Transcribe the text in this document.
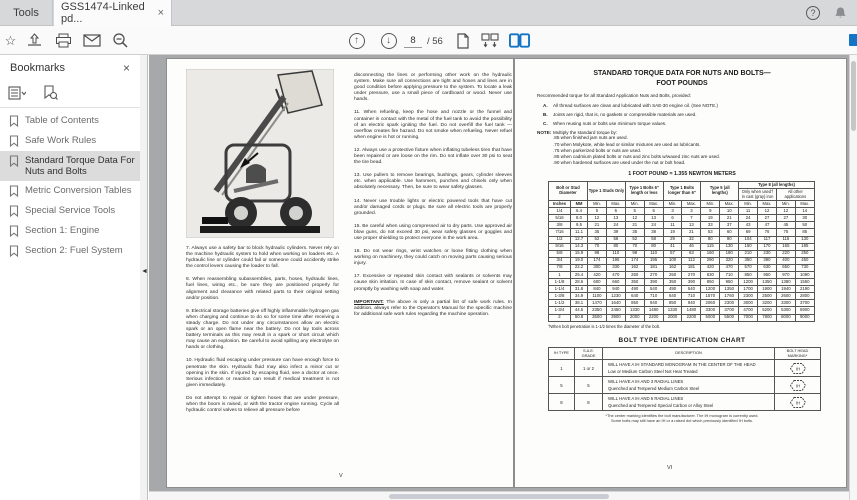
Tools GSS1474-Linked pd...	×	?
☆	↑	↓
8	/ 56
Bookmarks	×
Table of Contents
Safe Work Rules
Standard Torque Data For Nuts and Bolts
Metric Conversion Tables
Special Service Tools
Section 1: Engine
Section 2: Fuel System
◄

7. Always use a safety bar to block hydraulic cylinders. Never rely on the machine hydraulic system to hold when working on loaders etc. A hydraulic line or cylinder could fail or someone could accidently strike the control levers causing the loader to fall.

8. When reassembling subassemblies, parts, hoses, hydraulic lines, fuel lines, wiring etc., be sure they are positioned properly for alignment and clearance with related parts to their original setting and/or position.

9. Electrical storage batteries give off highly inflammable hydrogen gas when charging and continue to do so for some time after receiving a steady charge. Do not under any circumstances allow an electric spark or an open flame near the battery. Do not lay tools across battery terminals as this may result in a spark or short circuit which may cause an explosion. Be careful to avoid spilling any electrolyte on hands or clothing.

10. Hydraulic fluid escaping under pressure can have enough force to penetrate the skin. Hydraulic fluid may also infect a minor cut or opening in the skin. If injured by escaping fluid, see a doctor at once. Serious infection or reaction can result if medical treatment is not given immediately.

Do not attempt to repair or tighten hoses that are under pressure, when the boom is raised, or with the tractor engine running. Cycle all hydraulic control valves to relieve all pressure before

disconnecting the lines or performing other work on the hydraulic system. Make sure all connections are tight and hoses and lines are in good condition before applying pressure to the system. To locate a leak under pressure, use a small piece of cardboard or wood. Never use hands.

11. When refueling, keep the hose and nozzle or the funnel and container in contact with the metal of the fuel tank to avoid the possibility of an electric spark igniting the fuel. Do not overfill the fuel tank — overflow creates fire hazard. Do not smoke when refueling. Never refuel when engine is hot or running.

12. Always use a protective fixture when inflating tubeless tires that have been repaired or are loose on the rim. Do not inflate over 30 psi to seat the tire bead.

13. Use pullers to remove bearings, bushings, gears, cylinder sleeves etc. when applicable. Use hammers, punches and chisels only when absolutely necessary. Then, be sure to wear safety glasses.

14. Never use trouble lights or electric powered tools that have cut and/or damaged cords or plugs. Be sure all electric tools are properly grounded.

15. Be careful when using compressed air to dry parts. Use approved air blow guns, do not exceed 30 psi, wear safety glasses or goggles and use proper shielding to protect everyone in the work area.

16. Do not wear rings, wrist watches or loose fitting clothing when working on machinery, they could catch on moving parts causing serious injury.

17. Excessive or repeated skin contact with sealants or solvents may cause skin irritation. In case of skin contact, remove sealant or solvent promptly by washing with soap and water.

IMPORTANT: The above is only a partial list of safe work rules. In addition, always refer to the Operator's Manual for the specific machine for additional safe work rules regarding the machine operation.

V
STANDARD TORQUE DATA FOR NUTS AND BOLTS—
FOOT POUNDS

Recommended torque for all Standard Application Nuts and Bolts, provided:

A.	All thread surfaces are clean and lubricated with SAE-30 engine oil. (See NOTE.)
B.	Joints are rigid, that is, no gaskets or compressible materials are used.
C.	When reusing nuts or bolts use minimum torque values.
NOTE: Multiply the standard torque by:
.85 when finished jam nuts are used.
.70 when Molykote, white lead or similar mixtures are used as lubricants.
.75 when parkerized bolts or nuts are used.
.85 when cadmium plated bolts or nuts and zinc bolts w/waxed zinc nuts are used.
.90 when hardened surfaces are used under the nut or bolt head.
1 FOOT POUND = 1.355 NEWTON METERS
Bolt or Stud Diameter		Type 1 Studs Only		Type 1 Bolts 6" length or less		Type 1 Bolts longer than 6"		Type 5 (all lengths)		Type 8 (all lengths)			
										Only when used† in cast (gray) iron		All other applications	
Inches	MM	Min.	Max.	Min.	Max.	Min.	Max.	Min.	Max.	Min.	Max.	Min.	Max.
1/4	6.4	5	6	5	6	3	3	9	10	11	12	12	14
5/16	8.0	12	13	12	13	6	7	19	21	24	27	27	30
3/8	9.5	21	24	21	24	11	13	33	37	43	47	45	50
7/16	11.1	35	39	35	38	19	21	53	60	69	76	75	85
1/2	12.7	52	58	52	58	29	32	80	90	104	117	115	130
9/16	14.3	70	80	70	80	41	46	115	130	150	170	165	185
5/8	15.9	98	110	98	110	57	63	160	180	210	230	220	250
3/4	19.0	174	195	174	195	100	112	290	320	350	390	400	450
7/8	22.2	300	330	162	181	162	181	420	470	570	630	650	730
1	25.4	420	470	250	270	250	270	630	710	850	950	970	1090
1-1/8	28.6	600	660	350	390	350	390	850	950	1200	1350	1380	1550
1-1/4	31.8	840	940	490	540	490	540	1200	1350	1700	1900	1940	2190
1-3/8	34.9	1100	1230	640	710	640	710	1570	1760	2300	2500	2600	2800
1-1/2	38.1	1470	1640	850	940	850	940	2060	2300	3000	3200	3300	3700
1-3/4	44.5	2350	2450	1330	1480	1330	1480	3300	3700	4700	5200	5300	5900
2	50.8	3500	3900	2000	2200	2000	2200	5000	5500	7000	7800	8000	9000
†When bolt penetration is 1-1/2 times the diameter of the bolt.
BOLT TYPE IDENTIFICATION CHART
IH TYPE	S.A.E. GRADE	DESCRIPTION	BOLT HEAD MARKING*
1	1 or 2	WILL HAVE A IH STANDARD MONOGRAM IN THE CENTER OF THE HEAD
Low or Medium Carbon Steel Not Heat Treated	IH

5	5	WILL HAVE A IH AND 3 RADIAL LINES
Quenched and Tempered Medium Carbon Steel	IH

8	8	WILL HAVE A IH AND 6 RADIAL LINES
Quenched and Tempered Special Carbon or Alloy Steel	IH
*The center marking identifies the bolt manufacturer. The IH monogram is currently used.
Some bolts may still have an IH or a raised dot which previously identified IH bolts.
VI
